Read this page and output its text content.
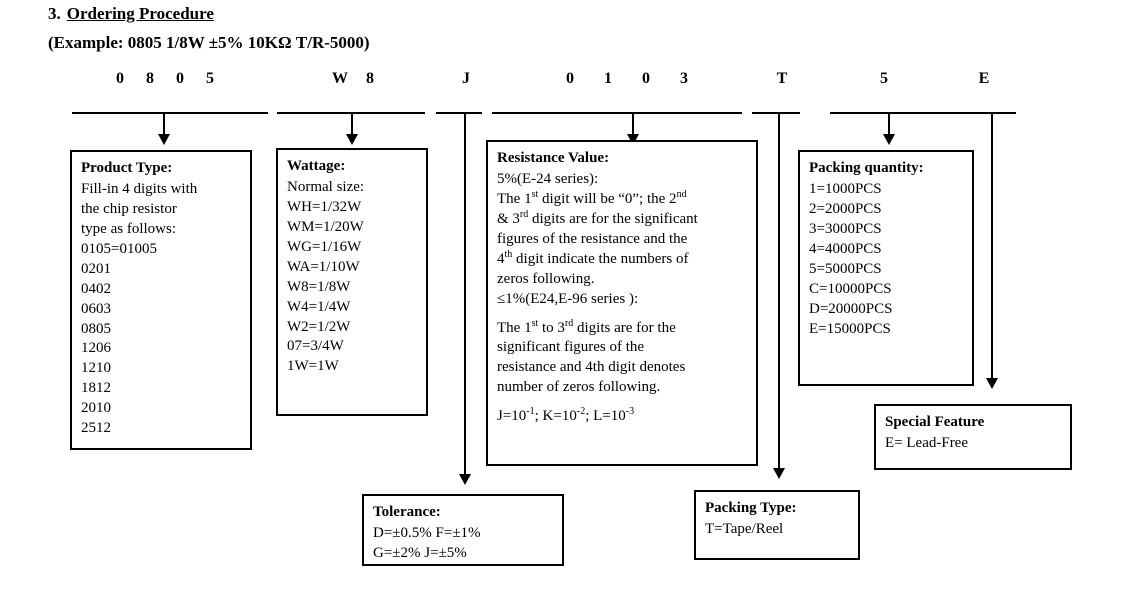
3. Ordering Procedure
(Example: 0805 1/8W ±5% 10KΩ T/R-5000)
0	8	0	5	W	8	J	0	1	0	3	T	5	E
Product Type:
Fill-in 4 digits with
the chip resistor
type as follows:
0105=01005
0201
0402
0603
0805
1206
1210
1812
2010
2512
Wattage:
Normal size:
WH=1/32W
WM=1/20W
WG=1/16W
WA=1/10W
W8=1/8W
W4=1/4W
W2=1/2W
07=3/4W
1W=1W
Resistance Value:
5%(E-24 series):
The 1st digit will be “0”; the 2nd
& 3rd digits are for the significant
figures of the resistance and the
4th digit indicate the numbers of
zeros following.
≤1%(E24,E-96 series ):
The 1st to 3rd digits are for the
significant figures of the
resistance and 4th digit denotes
number of zeros following.
$J=10^{-1}$; $K=10^{-2}$; $L=10^{-3}$
Packing quantity:
1=1000PCS
2=2000PCS
3=3000PCS
4=4000PCS
5=5000PCS
C=10000PCS
D=20000PCS
E=15000PCS
Special Feature
E= Lead-Free
Packing Type:
T=Tape/Reel
Tolerance:
D=±0.5% F=±1%
G=±2% J=±5%
